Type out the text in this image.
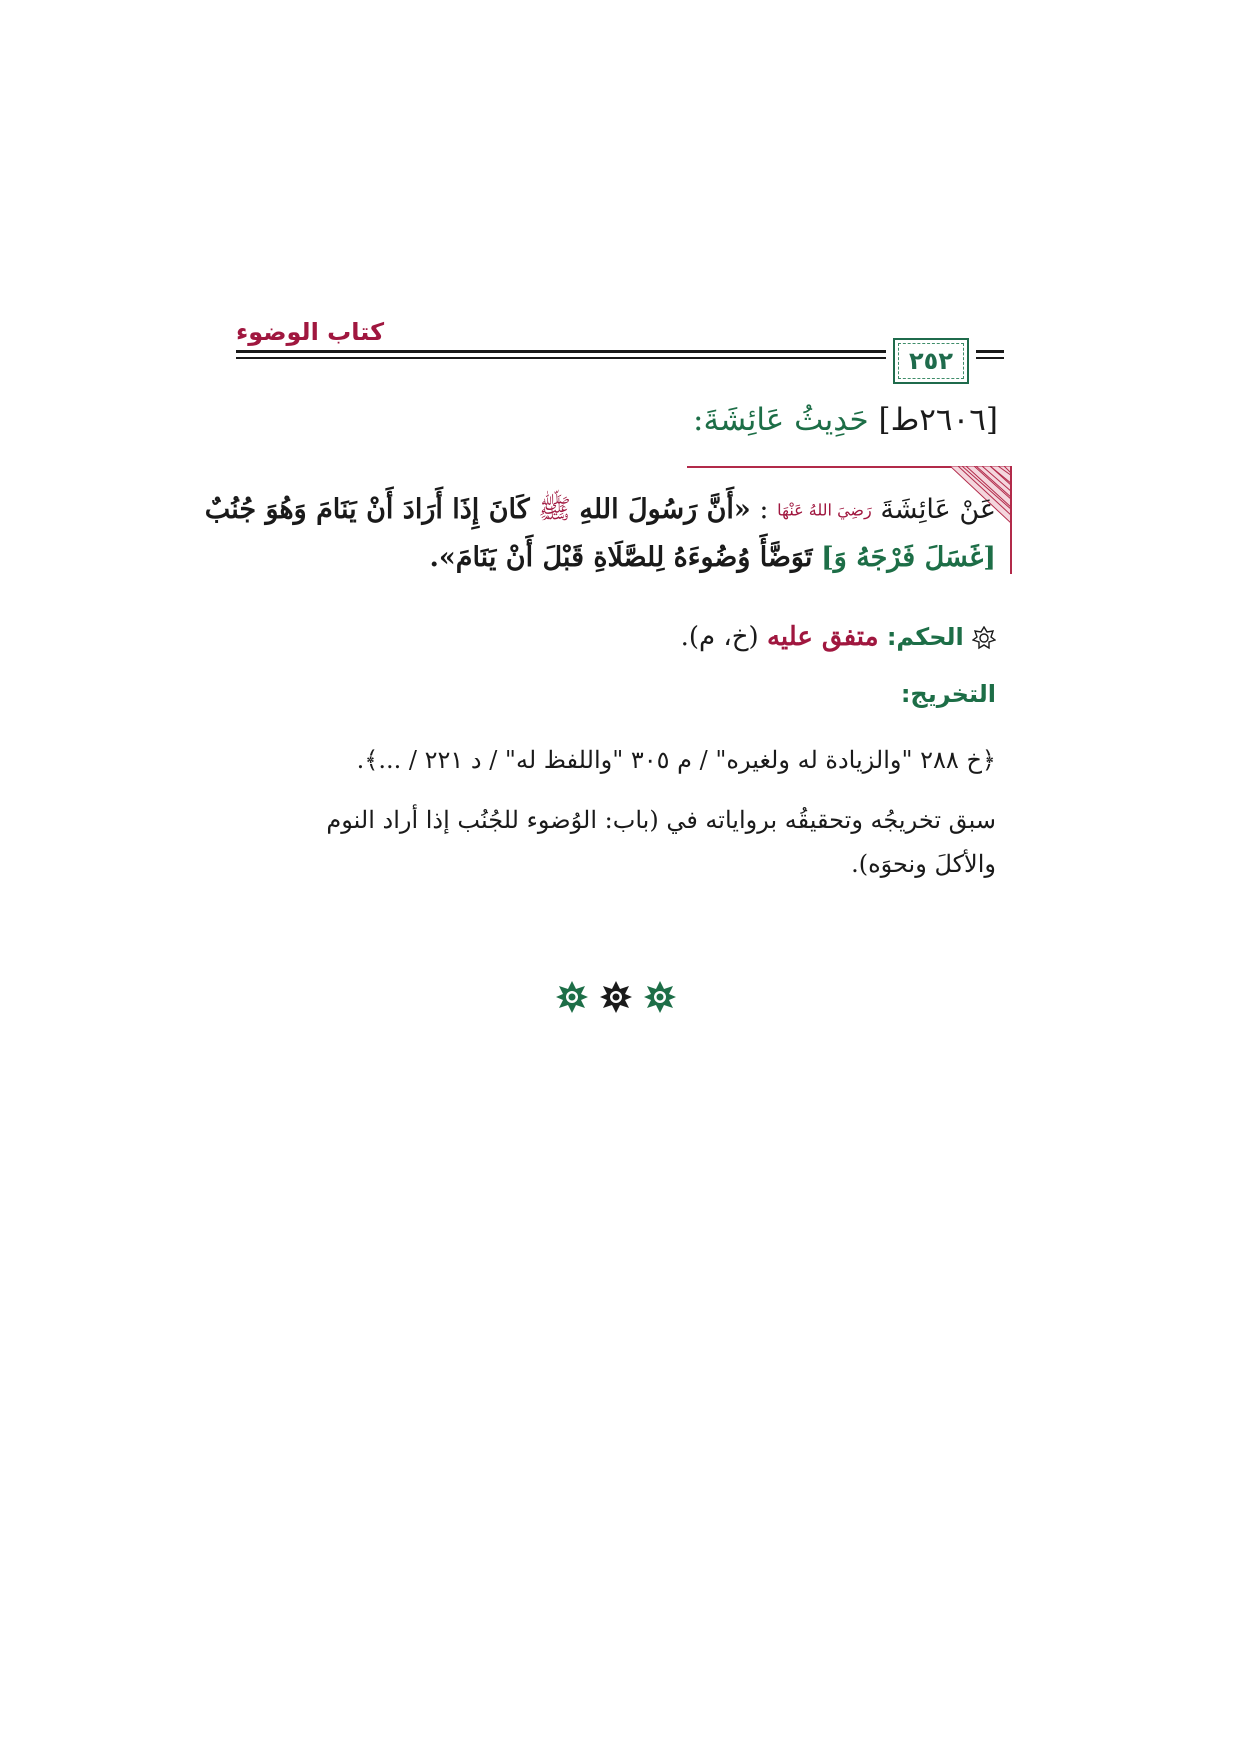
كتاب الوضوء
٢٥٢
[٢٦٠٦ط] حَدِيثُ عَائِشَةَ:
عَنْ عَائِشَةَ رَضِيَ اللهُ عَنْهَا : «أَنَّ رَسُولَ اللهِ ﷺ كَانَ إِذَا أَرَادَ أَنْ يَنَامَ وَهُوَ جُنُبٌ
[غَسَلَ فَرْجَهُ وَ] تَوَضَّأَ وُضُوءَهُ لِلصَّلَاةِ قَبْلَ أَنْ يَنَامَ».
الحكم: متفق عليه (خ، م).
التخريج:
﴿خ ٢٨٨ "والزيادة له ولغيره" / م ٣٠٥ "واللفظ له" / د ٢٢١ / ...﴾.
سبق تخريجُه وتحقيقُه برواياته في (باب: الوُضوء للجُنُب إذا أراد النوم
والأكلَ ونحوَه).
